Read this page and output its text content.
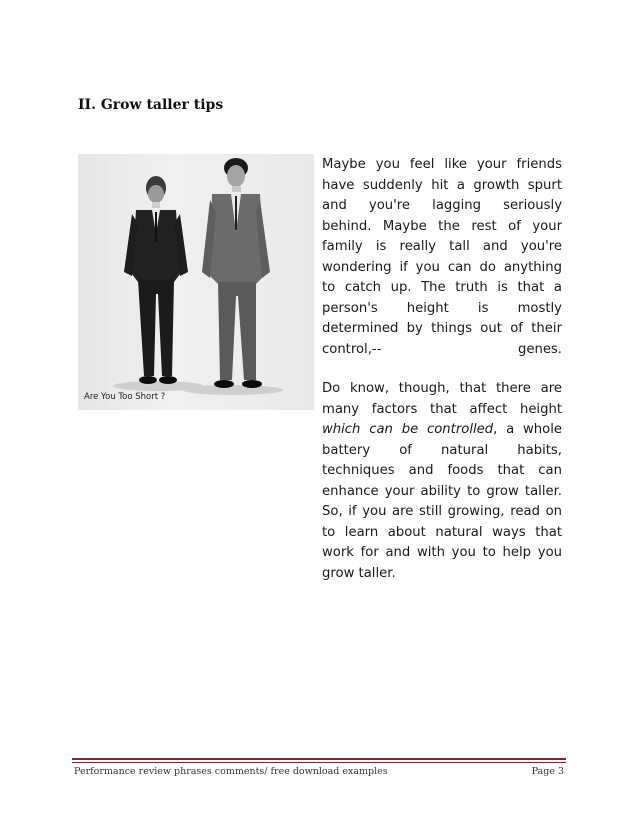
II. Grow taller tips
Are You Too Short ?
Maybe you feel like your friends
have suddenly hit a growth spurt
and you're lagging seriously
behind. Maybe the rest of your
family is really tall and you're
wondering if you can do anything
to catch up. The truth is that a
person's height is mostly
determined by things out of their
control,-- genes.
Do know, though, that there are
many factors that affect height
which can be controlled, a whole
battery of natural habits,
techniques and foods that can
enhance your ability to grow taller.
So, if you are still growing, read on
to learn about natural ways that
work for and with you to help you
grow taller.
Performance review phrases comments/ free download examples	Page 3
